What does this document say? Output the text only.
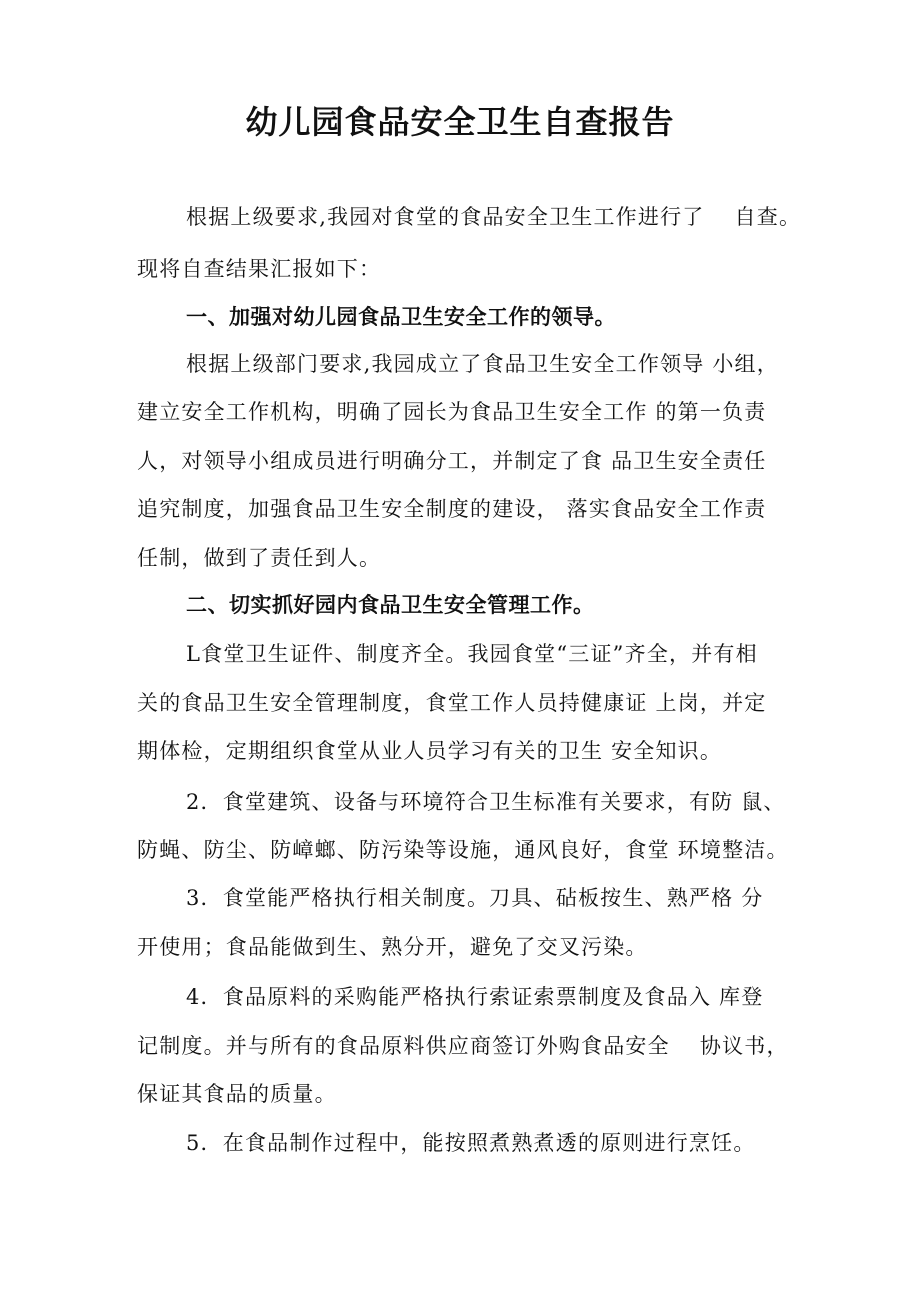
幼儿园食品安全卫生自查报告
根据上级要求,我园对食堂的食品安全卫生工作进行了　 自查。
现将自查结果汇报如下：
一、加强对幼儿园食品卫生安全工作的领导。
根据上级部门要求,我园成立了食品卫生安全工作领导 小组，
建立安全工作机构，明确了园长为食品卫生安全工作 的第一负责
人，对领导小组成员进行明确分工，并制定了食 品卫生安全责任
追究制度，加强食品卫生安全制度的建设， 落实食品安全工作责
任制，做到了责任到人。
二、切实抓好园内食品卫生安全管理工作。
L食堂卫生证件、制度齐全。我园食堂“三证”齐全，并有相
关的食品卫生安全管理制度，食堂工作人员持健康证 上岗，并定
期体检，定期组织食堂从业人员学习有关的卫生 安全知识。
2．食堂建筑、设备与环境符合卫生标准有关要求，有防 鼠、
防蝇、防尘、防嶂螂、防污染等设施，通风良好，食堂 环境整洁。
3．食堂能严格执行相关制度。刀具、砧板按生、熟严格 分
开使用；食品能做到生、熟分开，避免了交叉污染。
4．食品原料的采购能严格执行索证索票制度及食品入 库登
记制度。并与所有的食品原料供应商签订外购食品安全　 协议书，
保证其食品的质量。
5．在食品制作过程中，能按照煮熟煮透的原则进行烹饪。
